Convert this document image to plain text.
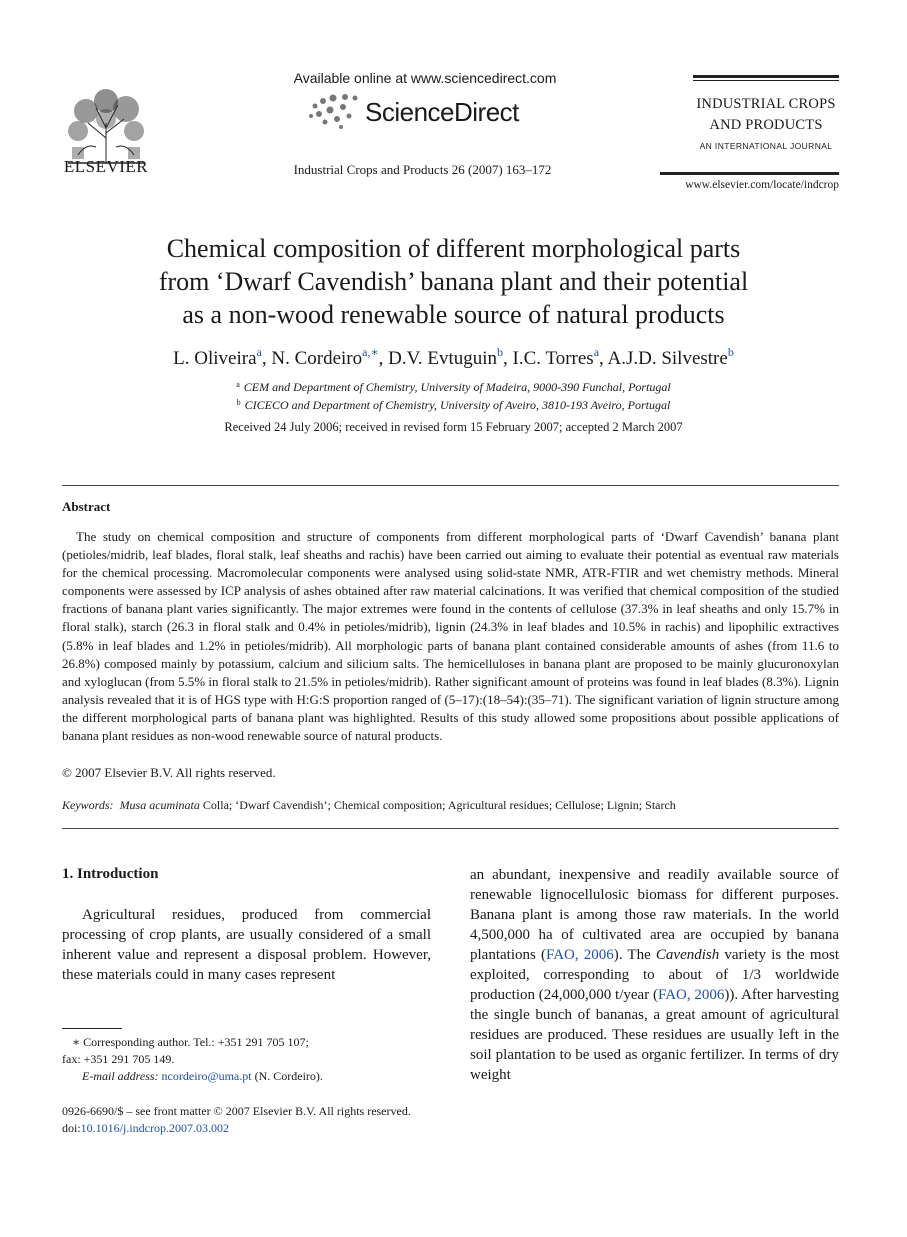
ELSEVIER
Available online at www.sciencedirect.com
ScienceDirect
Industrial Crops and Products 26 (2007) 163–172
INDUSTRIAL CROPS
AND PRODUCTS
AN INTERNATIONAL JOURNAL
www.elsevier.com/locate/indcrop
Chemical composition of different morphological parts
from ‘Dwarf Cavendish’ banana plant and their potential
as a non-wood renewable source of natural products
L. Oliveira$^a$, N. Cordeiro$^{a,∗}$, D.V. Evtuguin$^b$, I.C. Torres$^a$, A.J.D. Silvestre$^b$
$^a$ CEM and Department of Chemistry, University of Madeira, 9000-390 Funchal, Portugal
$^b$ CICECO and Department of Chemistry, University of Aveiro, 3810-193 Aveiro, Portugal
Received 24 July 2006; received in revised form 15 February 2007; accepted 2 March 2007
Abstract
The study on chemical composition and structure of components from different morphological parts of ‘Dwarf Cavendish’ banana plant (petioles/midrib, leaf blades, floral stalk, leaf sheaths and rachis) have been carried out aiming to evaluate their potential as eventual raw materials for the chemical processing. Macromolecular components were analysed using solid-state NMR, ATR-FTIR and wet chemistry methods. Mineral components were assessed by ICP analysis of ashes obtained after raw material calcinations. It was verified that chemical composition of the studied fractions of banana plant varies significantly. The major extremes were found in the contents of cellulose (37.3% in leaf sheaths and only 15.7% in floral stalk), starch (26.3 in floral stalk and 0.4% in petioles/midrib), lignin (24.3% in leaf blades and 10.5% in rachis) and lipophilic extractives (5.8% in leaf blades and 1.2% in petioles/midrib). All morphologic parts of banana plant contained considerable amounts of ashes (from 11.6 to 26.8%) composed mainly by potassium, calcium and silicium salts. The hemicelluloses in banana plant are proposed to be mainly glucuronoxylan and xyloglucan (from 5.5% in floral stalk to 21.5% in petioles/midrib). Rather significant amount of proteins was found in leaf blades (8.3%). Lignin analysis revealed that it is of HGS type with H:G:S proportion ranged of (5–17):(18–54):(35–71). The significant variation of lignin structure among the different morphological parts of banana plant was highlighted. Results of this study allowed some propositions about possible applications of banana plant residues as non-wood renewable source of natural products.
© 2007 Elsevier B.V. All rights reserved.
Keywords: Musa acuminata Colla; ‘Dwarf Cavendish’; Chemical composition; Agricultural residues; Cellulose; Lignin; Starch
1. Introduction
Agricultural residues, produced from commercial processing of crop plants, are usually considered of a small inherent value and represent a disposal problem. However, these materials could in many cases represent
an abundant, inexpensive and readily available source of renewable lignocellulosic biomass for different purposes. Banana plant is among those raw materials. In the world 4,500,000 ha of cultivated area are occupied by banana plantations (FAO, 2006). The Cavendish variety is the most exploited, corresponding to about of 1/3 worldwide production (24,000,000 t/year (FAO, 2006)). After harvesting the single bunch of bananas, a great amount of agricultural residues are produced. These residues are usually left in the soil plantation to be used as organic fertilizer. In terms of dry weight
∗ Corresponding author. Tel.: +351 291 705 107;
fax: +351 291 705 149.
E-mail address: ncordeiro@uma.pt (N. Cordeiro).
0926-6690/$ – see front matter © 2007 Elsevier B.V. All rights reserved.
doi:10.1016/j.indcrop.2007.03.002
